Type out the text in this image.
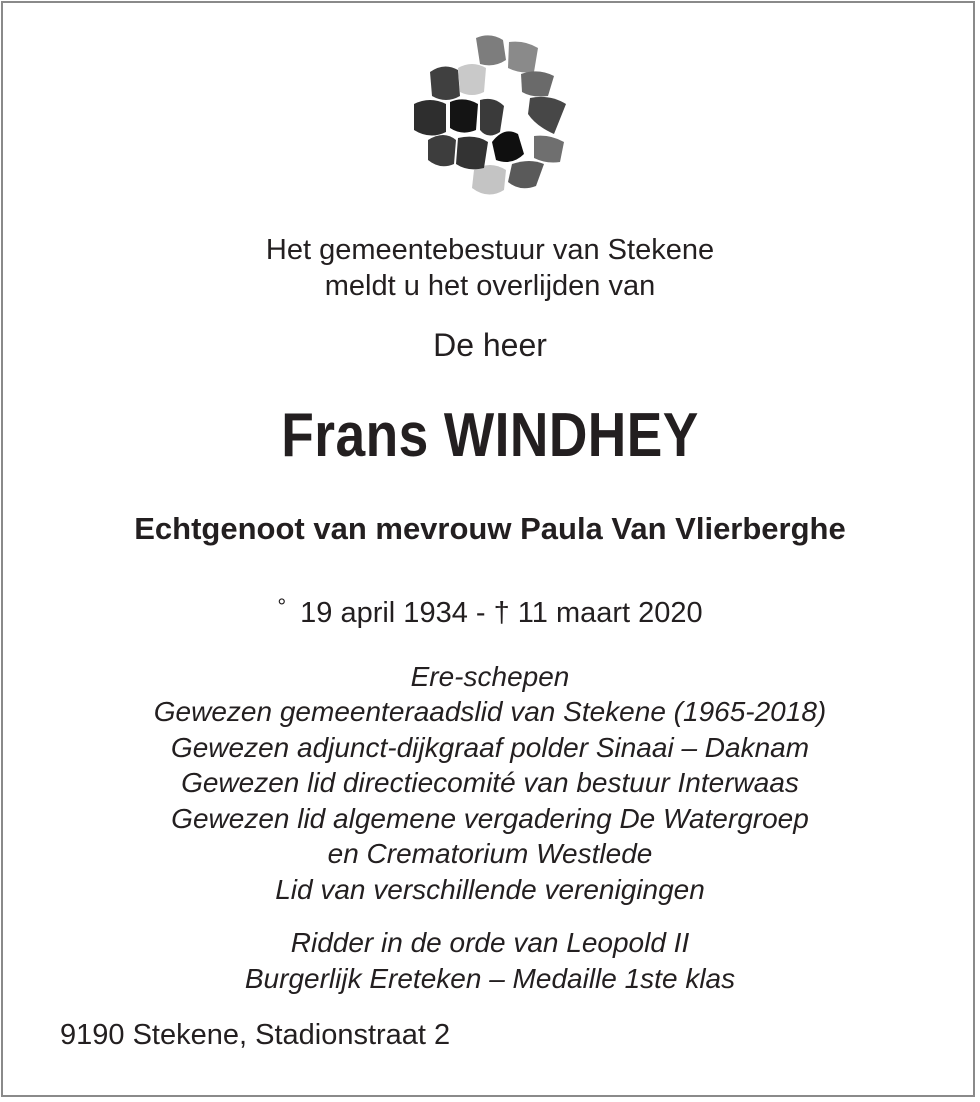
Het gemeentebestuur van Stekene
meldt u het overlijden van
De heer
Frans WINDHEY
Echtgenoot van mevrouw Paula Van Vlierberghe
° 19 april 1934 - † 11 maart 2020
Ere-schepen
Gewezen gemeenteraadslid van Stekene (1965-2018)
Gewezen adjunct-dijkgraaf polder Sinaai – Daknam
Gewezen lid directiecomité van bestuur Interwaas
Gewezen lid algemene vergadering De Watergroep
en Crematorium Westlede
Lid van verschillende verenigingen
Ridder in de orde van Leopold II
Burgerlijk Ereteken – Medaille 1ste klas
9190 Stekene, Stadionstraat 2
